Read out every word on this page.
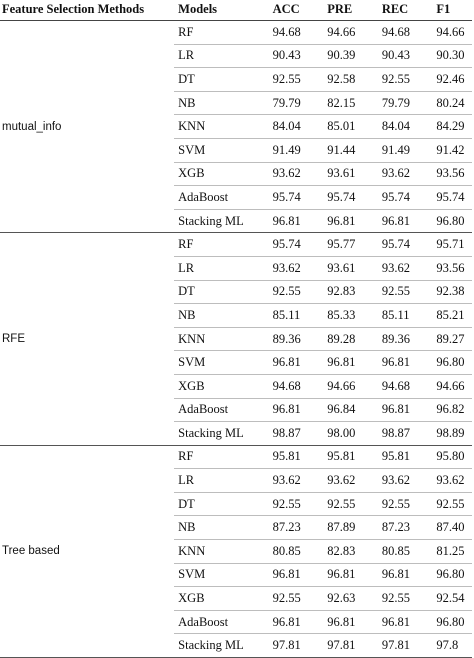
Feature Selection Methods	Models	ACC	PRE	REC	F1
mutual_info	RF	94.68	94.66	94.68	94.66
	LR	90.43	90.39	90.43	90.30
	DT	92.55	92.58	92.55	92.46
	NB	79.79	82.15	79.79	80.24
	KNN	84.04	85.01	84.04	84.29
	SVM	91.49	91.44	91.49	91.42
	XGB	93.62	93.61	93.62	93.56
	AdaBoost	95.74	95.74	95.74	95.74
	Stacking ML	96.81	96.81	96.81	96.80
RFE	RF	95.74	95.77	95.74	95.71
	LR	93.62	93.61	93.62	93.56
	DT	92.55	92.83	92.55	92.38
	NB	85.11	85.33	85.11	85.21
	KNN	89.36	89.28	89.36	89.27
	SVM	96.81	96.81	96.81	96.80
	XGB	94.68	94.66	94.68	94.66
	AdaBoost	96.81	96.84	96.81	96.82
	Stacking ML	98.87	98.00	98.87	98.89
Tree based	RF	95.81	95.81	95.81	95.80
	LR	93.62	93.62	93.62	93.62
	DT	92.55	92.55	92.55	92.55
	NB	87.23	87.89	87.23	87.40
	KNN	80.85	82.83	80.85	81.25
	SVM	96.81	96.81	96.81	96.80
	XGB	92.55	92.63	92.55	92.54
	AdaBoost	96.81	96.81	96.81	96.80
	Stacking ML	97.81	97.81	97.81	97.8
